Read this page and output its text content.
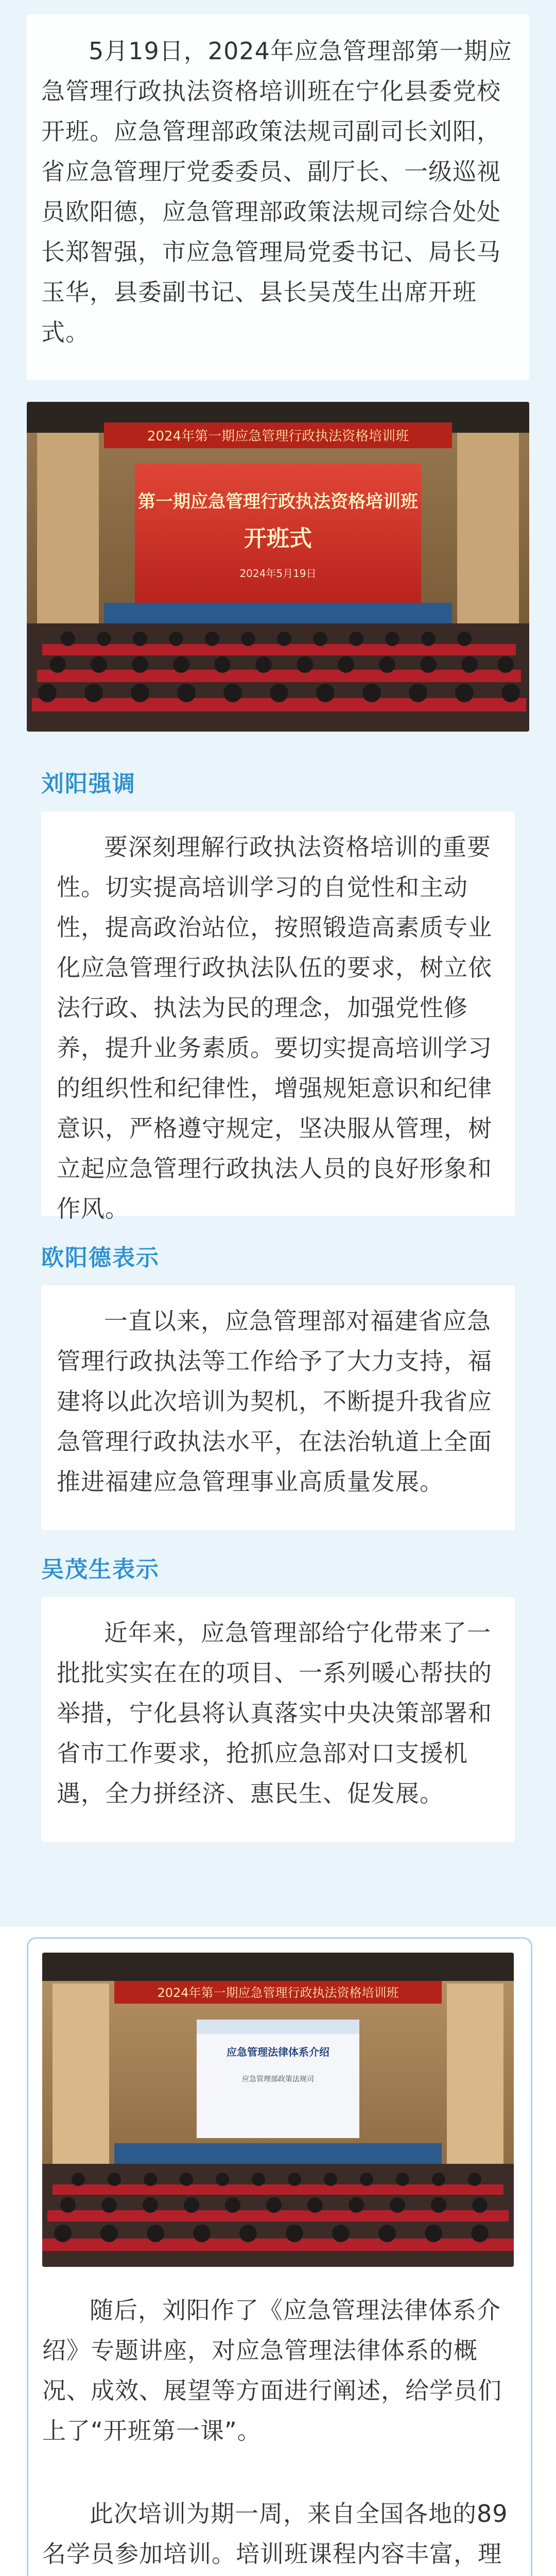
5月19日，2024年应急管理部第一期应急管理行政执法资格培训班在宁化县委党校开班。应急管理部政策法规司副司长刘阳，省应急管理厅党委委员、副厅长、一级巡视员欧阳德，应急管理部政策法规司综合处处长郑智强，市应急管理局党委书记、局长马玉华，县委副书记、县长吴茂生出席开班式。
2024年第一期应急管理行政执法资格培训班
第一期应急管理行政执法资格培训班
开班式
2024年5月19日
刘阳强调
要深刻理解行政执法资格培训的重要性。切实提高培训学习的自觉性和主动性，提高政治站位，按照锻造高素质专业化应急管理行政执法队伍的要求，树立依法行政、执法为民的理念，加强党性修养，提升业务素质。要切实提高培训学习的组织性和纪律性，增强规矩意识和纪律意识，严格遵守规定，坚决服从管理，树立起应急管理行政执法人员的良好形象和作风。
欧阳德表示
一直以来，应急管理部对福建省应急管理行政执法等工作给予了大力支持，福建将以此次培训为契机，不断提升我省应急管理行政执法水平，在法治轨道上全面推进福建应急管理事业高质量发展。
吴茂生表示
近年来，应急管理部给宁化带来了一批批实实在在的项目、一系列暖心帮扶的举措，宁化县将认真落实中央决策部署和省市工作要求，抢抓应急部对口支援机遇，全力拼经济、惠民生、促发展。
2024年第一期应急管理行政执法资格培训班
应急管理法律体系介绍
应急管理部政策法规司
随后，刘阳作了《应急管理法律体系介绍》专题讲座，对应急管理法律体系的概况、成效、展望等方面进行阐述，给学员们上了“开班第一课”。
此次培训为期一周，来自全国各地的89名学员参加培训。培训班课程内容丰富，理
